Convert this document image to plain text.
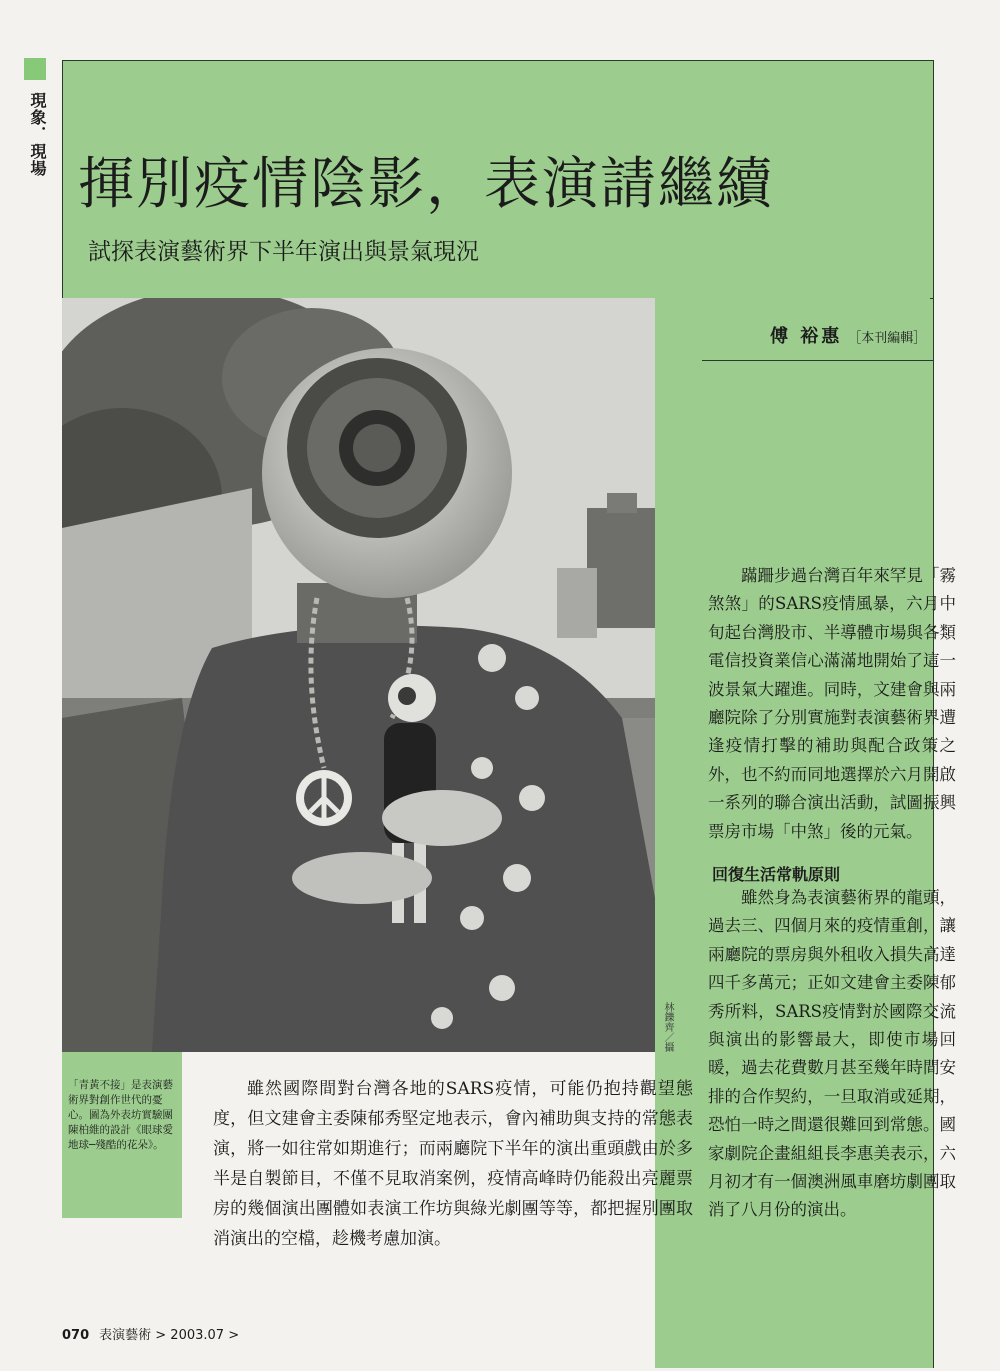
現象．現場
揮別疫情陰影，表演請繼續
試探表演藝術界下半年演出與景氣現況
傅 裕惠 ［本刊編輯］
林鑠齊／攝
「青黃不接」是表演藝術界對創作世代的憂心。圖為外表坊實驗團陳柏維的設計《眼球愛地球─殘酷的花朵》。

蹣跚步過台灣百年來罕見「霧煞煞」的SARS疫情風暴，六月中旬起台灣股市、半導體市場與各類電信投資業信心滿滿地開始了這一波景氣大躍進。同時，文建會與兩廳院除了分別實施對表演藝術界遭逢疫情打擊的補助與配合政策之外，也不約而同地選擇於六月開啟一系列的聯合演出活動，試圖振興票房市場「中煞」後的元氣。

回復生活常軌原則

雖然身為表演藝術界的龍頭，過去三、四個月來的疫情重創，讓兩廳院的票房與外租收入損失高達四千多萬元；正如文建會主委陳郁秀所料，SARS疫情對於國際交流與演出的影響最大，即使市場回暖，過去花費數月甚至幾年時間安排的合作契約，一旦取消或延期，恐怕一時之間還很難回到常態。國家劇院企畫組組長李惠美表示，六月初才有一個澳洲風車磨坊劇團取消了八月份的演出。

雖然國際間對台灣各地的SARS疫情，可能仍抱持觀望態度，但文建會主委陳郁秀堅定地表示，會內補助與支持的常態表演，將一如往常如期進行；而兩廳院下半年的演出重頭戲由於多半是自製節目，不僅不見取消案例，疫情高峰時仍能殺出亮麗票房的幾個演出團體如表演工作坊與綠光劇團等等，都把握別團取消演出的空檔，趁機考慮加演。

070 表演藝術 > 2003.07 >
